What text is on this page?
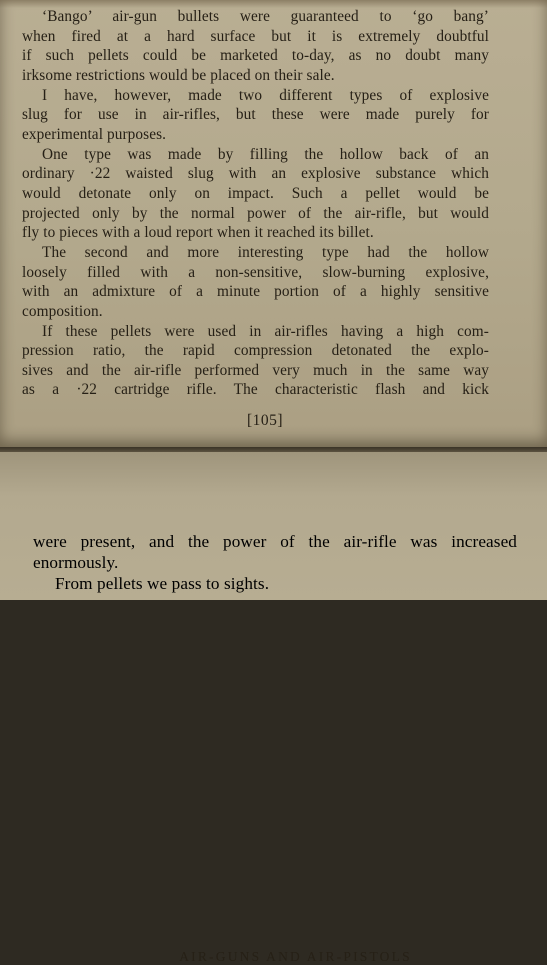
‘Bango’ air-gun bullets were guaranteed to ‘go bang’
when fired at a hard surface but it is extremely doubtful
if such pellets could be marketed to-day, as no doubt many
irksome restrictions would be placed on their sale.
I have, however, made two different types of explosive
slug for use in air-rifles, but these were made purely for
experimental purposes.
One type was made by filling the hollow back of an
ordinary ·22 waisted slug with an explosive substance which
would detonate only on impact. Such a pellet would be
projected only by the normal power of the air-rifle, but would
fly to pieces with a loud report when it reached its billet.
The second and more interesting type had the hollow
loosely filled with a non-sensitive, slow-burning explosive,
with an admixture of a minute portion of a highly sensitive
composition.
If these pellets were used in air-rifles having a high com-
pression ratio, the rapid compression detonated the explo-
sives and the air-rifle performed very much in the same way
as a ·22 cartridge rifle. The characteristic flash and kick
[105]
AIR-GUNS AND AIR-PISTOLS
were present, and the power of the air-rifle was increased
enormously.
From pellets we pass to sights.
